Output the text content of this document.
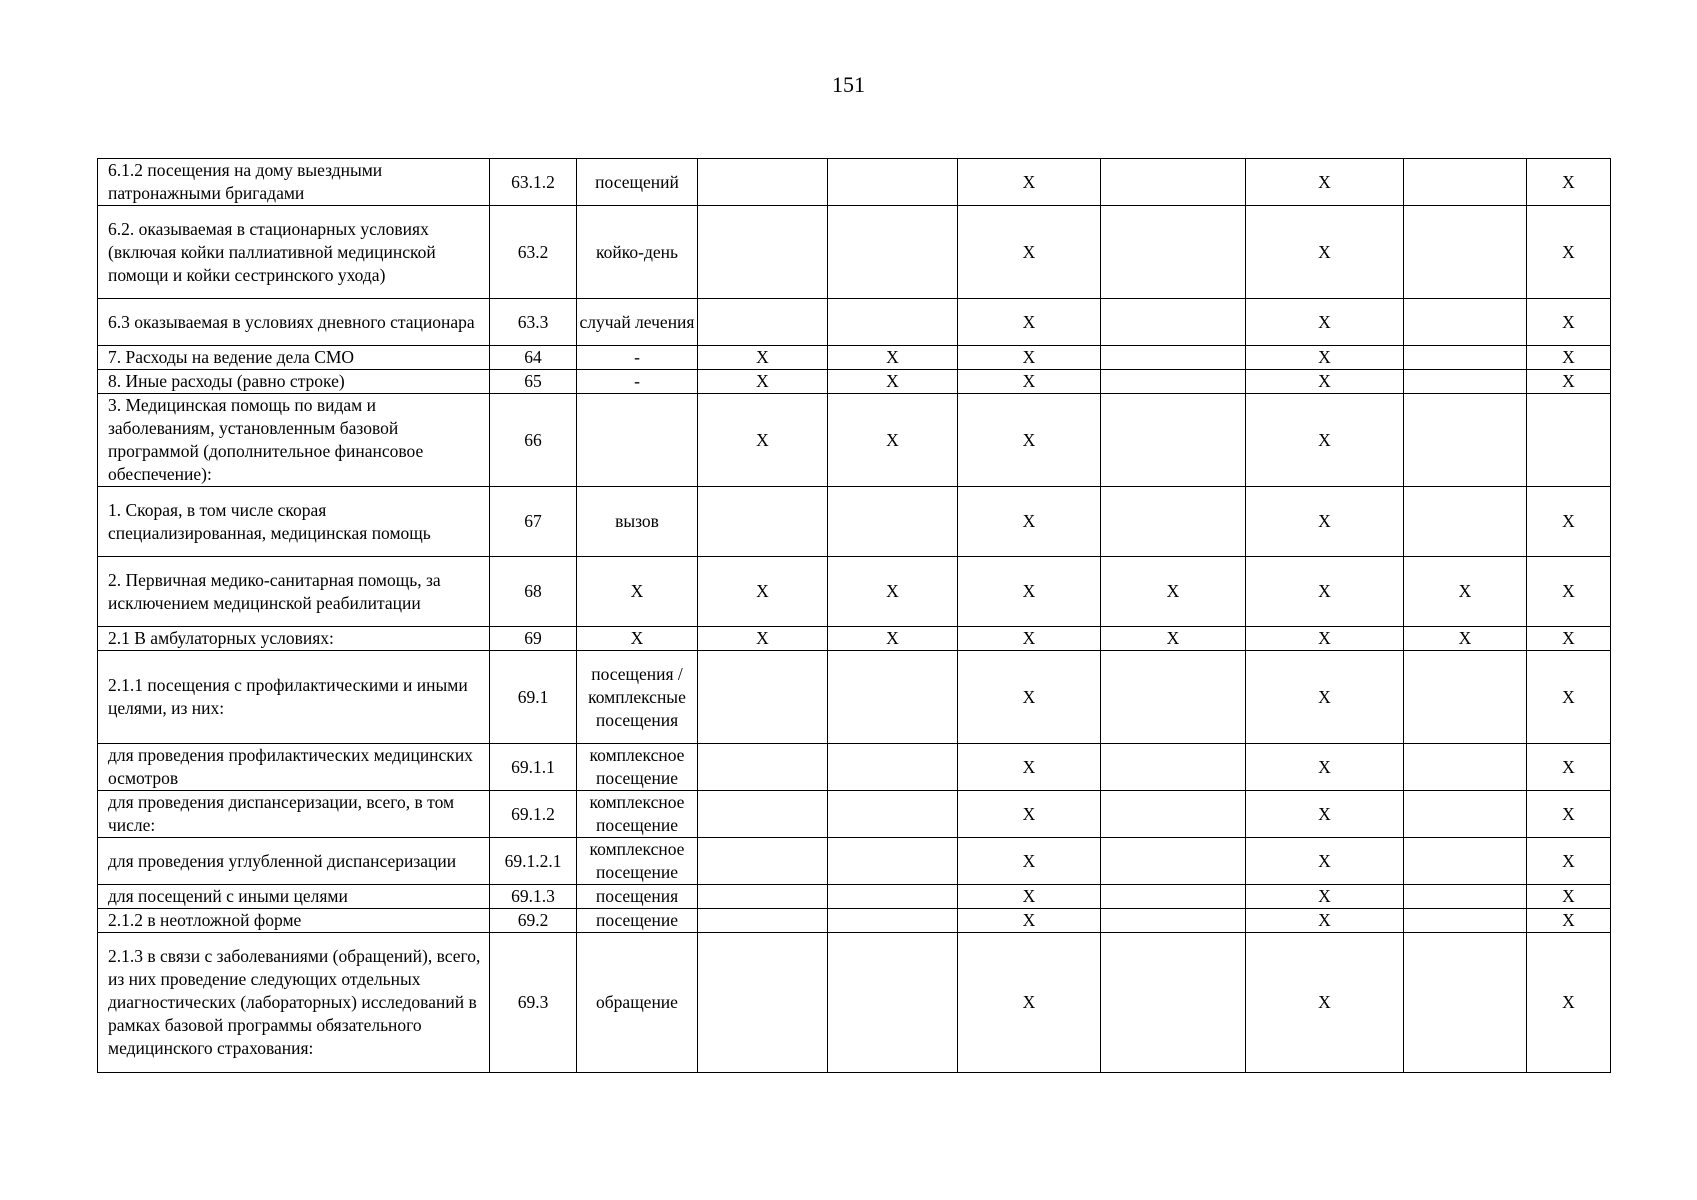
151
6.1.2 посещения на дому выездными патронажными бригадами	63.1.2	посещений			X		X		X
6.2. оказываемая в стационарных условиях (включая койки паллиативной медицинской помощи и койки сестринского ухода)	63.2	койко-день			X		X		X
6.3 оказываемая в условиях дневного стационара	63.3	случай лечения			X		X		X
7. Расходы на ведение дела СМО	64	-	X	X	X		X		X
8. Иные расходы (равно строке)	65	-	X	X	X		X		X
3. Медицинская помощь по видам и заболеваниям, установленным базовой программой (дополнительное финансовое обеспечение):	66		X	X	X		X		
1. Скорая, в том числе скорая специализированная, медицинская помощь	67	вызов			X		X		X
2. Первичная медико-санитарная помощь, за исключением медицинской реабилитации	68	X	X	X	X	X	X	X	X
2.1 В амбулаторных условиях:	69	X	X	X	X	X	X	X	X
2.1.1 посещения с профилактическими и иными целями, из них:	69.1	посещения /комплексные посещения			X		X		X
для проведения профилактических медицинских осмотров	69.1.1	комплексное посещение			X		X		X
для проведения диспансеризации, всего, в том числе:	69.1.2	комплексное посещение			X		X		X
для проведения углубленной диспансеризации	69.1.2.1	комплексное посещение			X		X		X
для посещений с иными целями	69.1.3	посещения			X		X		X
2.1.2 в неотложной форме	69.2	посещение			X		X		X
2.1.3 в связи с заболеваниями (обращений), всего, из них проведение следующих отдельных диагностических (лабораторных) исследований в рамках базовой программы обязательного медицинского страхования:	69.3	обращение			X		X		X
